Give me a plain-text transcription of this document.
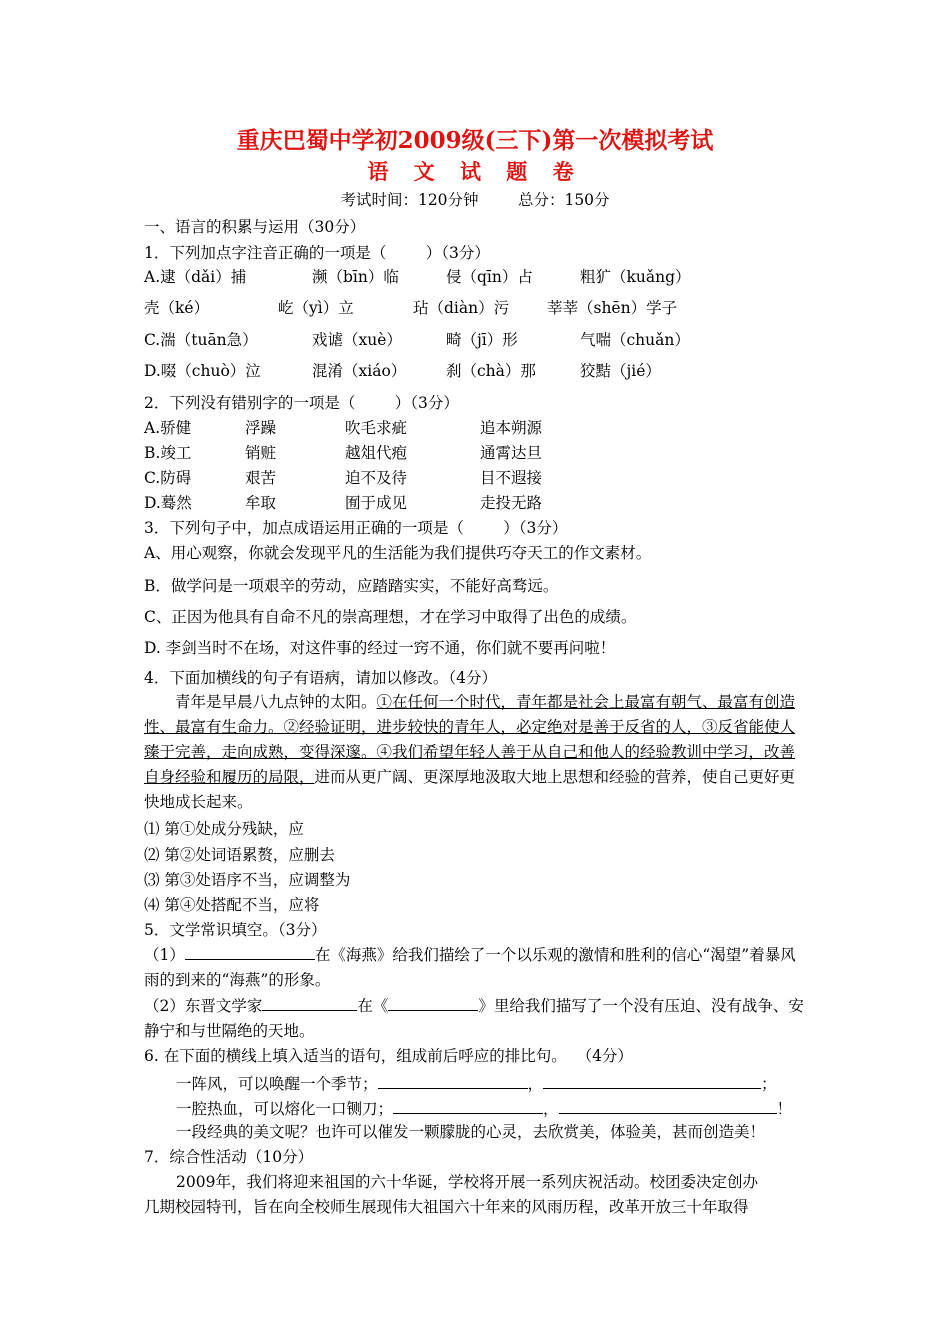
重庆巴蜀中学初2009级(三下)第一次模拟考试
语 文 试 题 卷
考试时间：120分钟        总分：150分
一、语言的积累与运用（30分）
1．下列加点字注音正确的一项是（        ）（3分）
A.逮（dǎi）捕	濒（bīn）临	侵（qīn）占	粗犷（kuǎng）
壳（ké）	屹（yì）立	玷（diàn）污 莘莘（shēn）学子
C.湍（tuān急）	戏谑（xuè）	畸（jī）形	气喘（chuǎn）
D.啜（chuò）泣	混淆（xiáo）	刹（chà）那	狡黠（jié）
2．下列没有错别字的一项是（        ）（3分）
A.骄健	浮躁	吹毛求疵	追本朔源
B.竣工	销赃	越俎代疱	通霄达旦
C.防碍	艰苦	迫不及待	目不遐接
D.蓦然	牟取	囿于成见	走投无路
3．下列句子中，加点成语运用正确的一项是（        ）（3分）
A、用心观察，你就会发现平凡的生活能为我们提供巧夺天工的作文素材。
B．做学问是一项艰辛的劳动，应踏踏实实，不能好高骛远。
C、正因为他具有自命不凡的崇高理想，才在学习中取得了出色的成绩。
D. 李剑当时不在场，对这件事的经过一窍不通，你们就不要再问啦！
4．下面加横线的句子有语病，请加以修改。（4分）
青年是早晨八九点钟的太阳。①在任何一个时代，青年都是社会上最富有朝气、最富有创造性、最富有生命力。②经验证明，进步较快的青年人，必定绝对是善于反省的人，③反省能使人臻于完善，走向成熟，变得深邃。④我们希望年轻人善于从自己和他人的经验教训中学习，改善自身经验和履历的局限，进而从更广阔、更深厚地汲取大地上思想和经验的营养，使自己更好更快地成长起来。
⑴ 第①处成分残缺，应
⑵ 第②处词语累赘，应删去
⑶ 第③处语序不当，应调整为
⑷ 第④处搭配不当，应将
5．文学常识填空。（3分）
（1）	在《海燕》给我们描绘了一个以乐观的激情和胜利的信心“渴望”着暴风雨的到来的“海燕”的形象。
（2）东晋文学家	在《	》里给我们描写了一个没有压迫、没有战争、安静宁和与世隔绝的天地。
6. 在下面的横线上填入适当的语句，组成前后呼应的排比句。  （4分）
一阵风，可以唤醒一个季节；	，	；
一腔热血，可以熔化一口铡刀；	，	！
一段经典的美文呢？也许可以催发一颗朦胧的心灵，去欣赏美，体验美，甚而创造美！
7．综合性活动（10分）
2009年，我们将迎来祖国的六十华诞，学校将开展一系列庆祝活动。校团委决定创办
几期校园特刊，旨在向全校师生展现伟大祖国六十年来的风雨历程，改革开放三十年取得
